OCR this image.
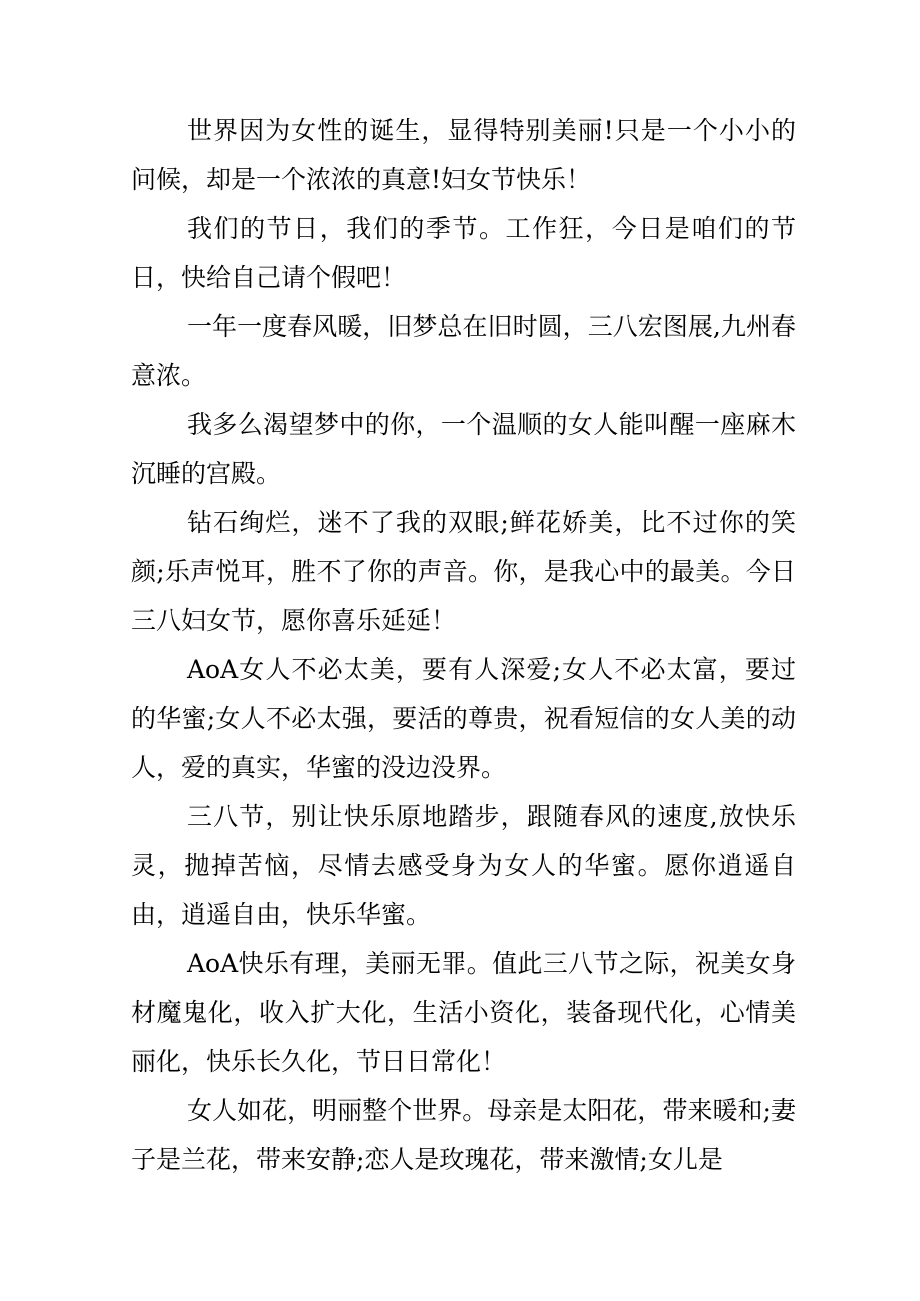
世界因为女性的诞生，显得特别美丽!只是一个小小的问候，却是一个浓浓的真意!妇女节快乐！

我们的节日，我们的季节。工作狂，今日是咱们的节日，快给自己请个假吧！

一年一度春风暖，旧梦总在旧时圆，三八宏图展,九州春意浓。

我多么渴望梦中的你，一个温顺的女人能叫醒一座麻木沉睡的宫殿。

钻石绚烂，迷不了我的双眼;鲜花娇美，比不过你的笑颜;乐声悦耳，胜不了你的声音。你，是我心中的最美。今日三八妇女节，愿你喜乐延延！

AoA女人不必太美，要有人深爱;女人不必太富，要过的华蜜;女人不必太强，要活的尊贵，祝看短信的女人美的动人，爱的真实，华蜜的没边没界。

三八节，别让快乐原地踏步，跟随春风的速度,放快乐灵，抛掉苦恼，尽情去感受身为女人的华蜜。愿你逍遥自由，逍遥自由，快乐华蜜。

AoA快乐有理，美丽无罪。值此三八节之际，祝美女身材魔鬼化，收入扩大化，生活小资化，装备现代化，心情美丽化，快乐长久化，节日日常化！

女人如花，明丽整个世界。母亲是太阳花，带来暖和;妻子是兰花，带来安静;恋人是玫瑰花，带来激情;女儿是
